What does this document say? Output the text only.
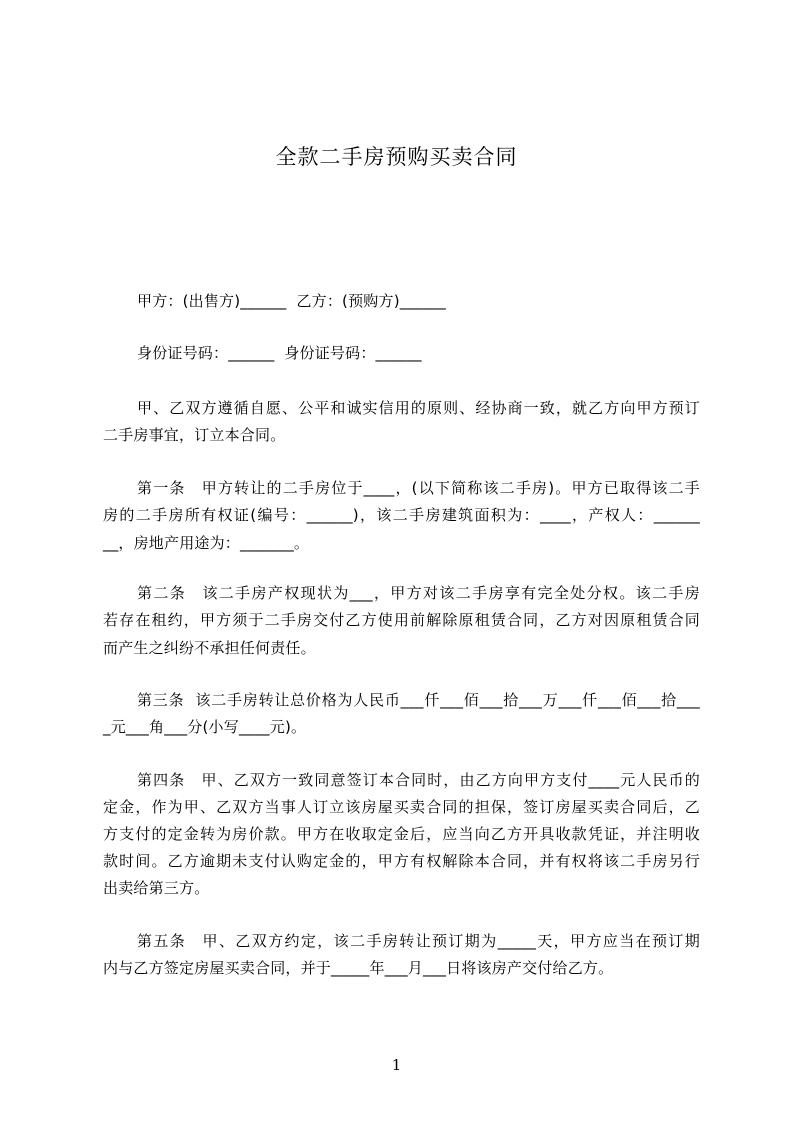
全款二手房预购买卖合同
甲方：(出售方)______  乙方：(预购方)______
身份证号码：______  身份证号码：______
甲、乙双方遵循自愿、公平和诚实信用的原则、经协商一致，就乙方向甲方预订
二手房事宜，订立本合同。
第一条　甲方转让的二手房位于____，(以下简称该二手房)。甲方已取得该二手
房的二手房所有权证(编号：______)，该二手房建筑面积为：____，产权人：______
__，房地产用途为：_______。
第二条　该二手房产权现状为___，甲方对该二手房享有完全处分权。该二手房
若存在租约，甲方须于二手房交付乙方使用前解除原租赁合同，乙方对因原租赁合同
而产生之纠纷不承担任何责任。
第三条  该二手房转让总价格为人民币___仟___佰___拾___万___仟___佰___拾___
_元___角___分(小写____元)。
第四条　甲、乙双方一致同意签订本合同时，由乙方向甲方支付____元人民币的
定金，作为甲、乙双方当事人订立该房屋买卖合同的担保，签订房屋买卖合同后，乙
方支付的定金转为房价款。甲方在收取定金后，应当向乙方开具收款凭证，并注明收
款时间。乙方逾期未支付认购定金的，甲方有权解除本合同，并有权将该二手房另行
出卖给第三方。
第五条　甲、乙双方约定，该二手房转让预订期为_____天，甲方应当在预订期
内与乙方签定房屋买卖合同，并于_____年___月___日将该房产交付给乙方。
1
